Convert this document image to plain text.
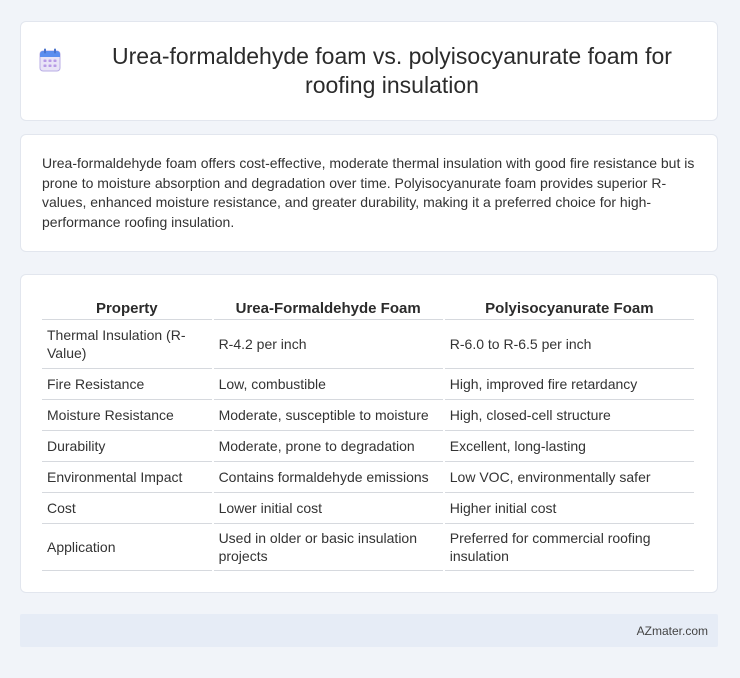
Urea-formaldehyde foam vs. polyisocyanurate foam for roofing insulation

Urea-formaldehyde foam offers cost-effective, moderate thermal insulation with good fire resistance but is prone to moisture absorption and degradation over time. Polyisocyanurate foam provides superior R-values, enhanced moisture resistance, and greater durability, making it a preferred choice for high-performance roofing insulation.

Property	Urea-Formaldehyde Foam	Polyisocyanurate Foam
Thermal Insulation (R-Value)	R-4.2 per inch	R-6.0 to R-6.5 per inch
Fire Resistance	Low, combustible	High, improved fire retardancy
Moisture Resistance	Moderate, susceptible to moisture	High, closed-cell structure
Durability	Moderate, prone to degradation	Excellent, long-lasting
Environmental Impact	Contains formaldehyde emissions	Low VOC, environmentally safer
Cost	Lower initial cost	Higher initial cost
Application	Used in older or basic insulation projects	Preferred for commercial roofing insulation
AZmater.com
